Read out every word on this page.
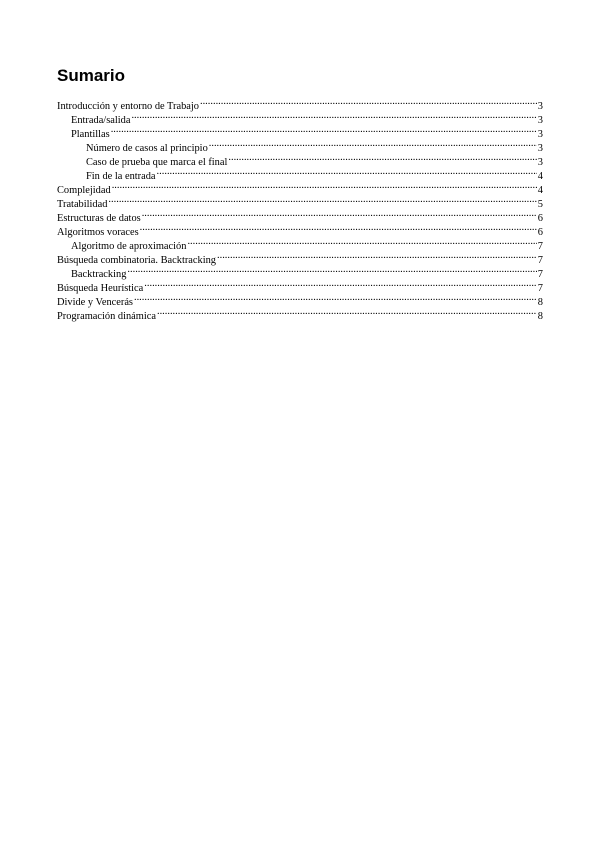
Sumario
Introducción y entorno de Trabajo .....	3
Entrada/salida .....	3
Plantillas .....	3
Número de casos al principio .....	3
Caso de prueba que marca el final .....	3
Fin de la entrada .....	4
Complejidad .....	4
Tratabilidad .....	5
Estructuras de datos .....	6
Algoritmos voraces .....	6
Algoritmo de aproximación .....	7
Búsqueda combinatoria. Backtracking .....	7
Backtracking .....	7
Búsqueda Heurística .....	7
Divide y Vencerás .....	8
Programación dinámica .....	8
